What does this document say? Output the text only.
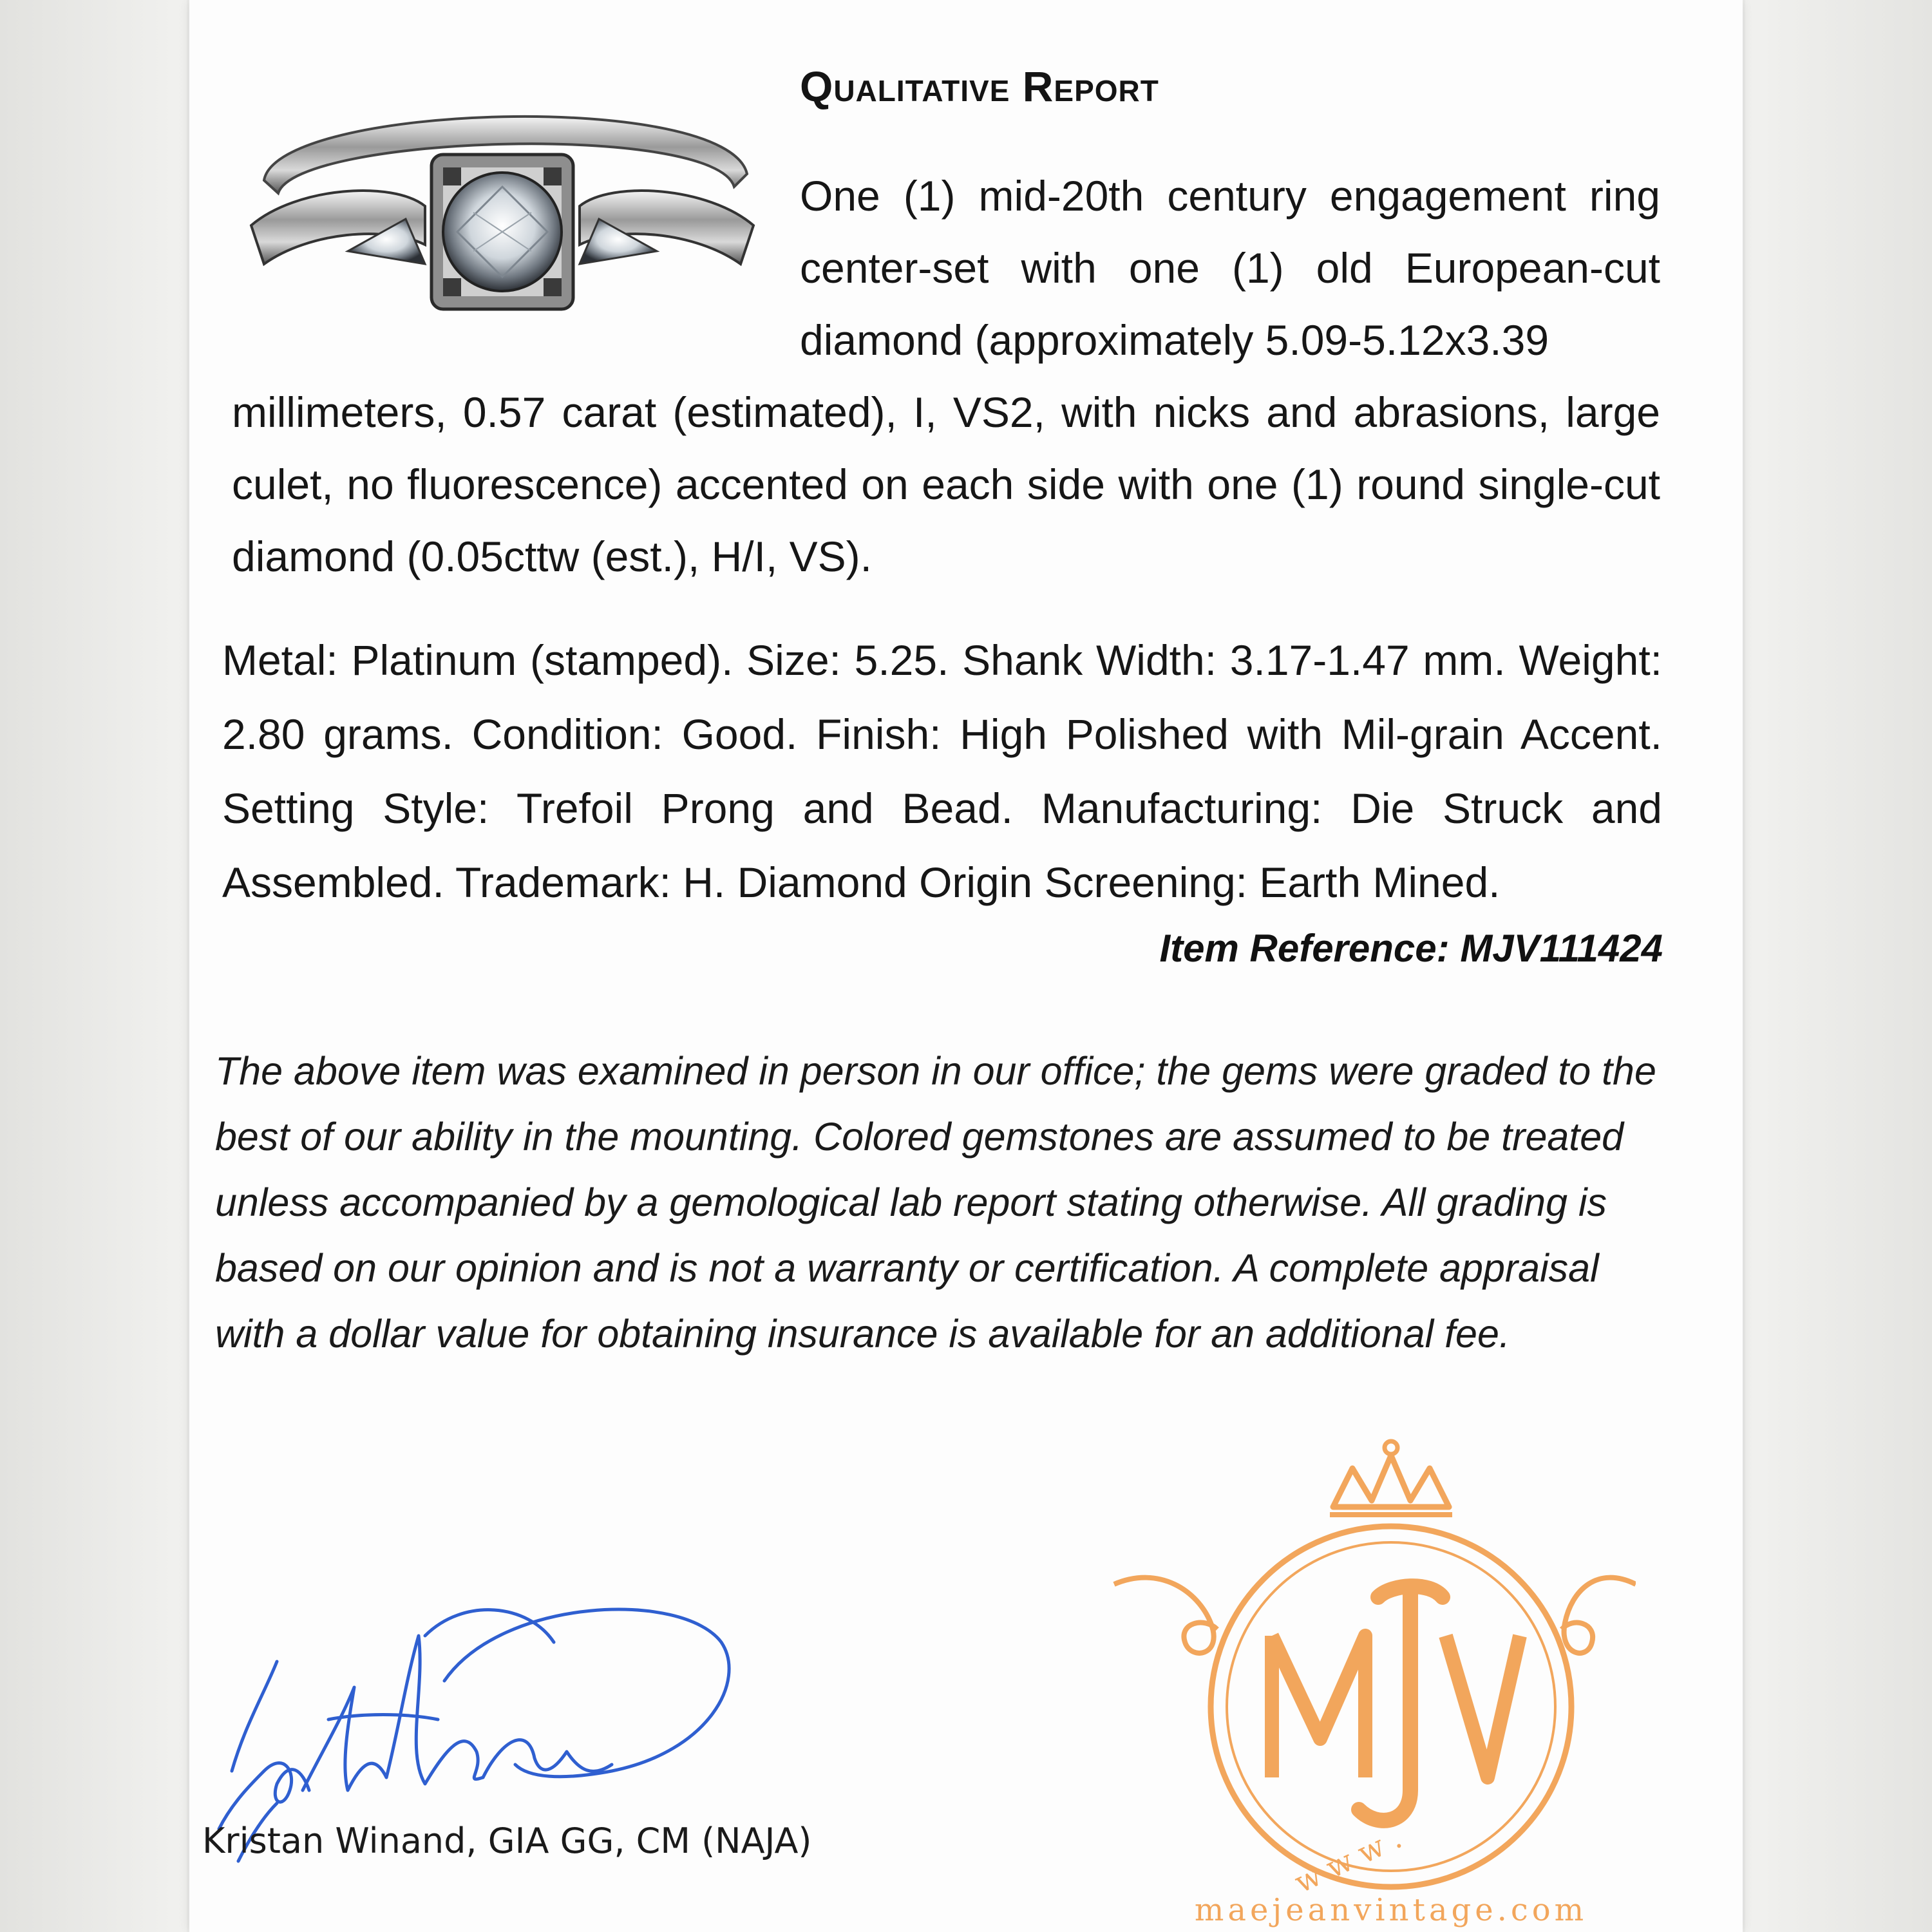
Qualitative Report

One (1) mid-20th century engagement ring center-set with one (1) old European-cut diamond (approximately 5.09-5.12x3.39

millimeters, 0.57 carat (estimated), I, VS2, with nicks and abrasions, large culet, no fluorescence) accented on each side with one (1) round single-cut diamond (0.05cttw (est.), H/I, VS).

Metal: Platinum (stamped). Size: 5.25. Shank Width: 3.17-1.47 mm. Weight: 2.80 grams. Condition: Good. Finish: High Polished with Mil-grain Accent. Setting Style: Trefoil Prong and Bead. Manufacturing: Die Struck and Assembled. Trademark: H. Diamond Origin Screening: Earth Mined.

Item Reference: MJV111424

The above item was examined in person in our office; the gems were graded to the best of our ability in the mounting. Colored gemstones are assumed to be treated unless accompanied by a gemological lab report stating otherwise. All grading is based on our opinion and is not a warranty or certification. A complete appraisal with a dollar value for obtaining insurance is available for an additional fee.

Kristan Winand, GIA GG, CM (NAJA)	w w w .
maejeanvintage.com
